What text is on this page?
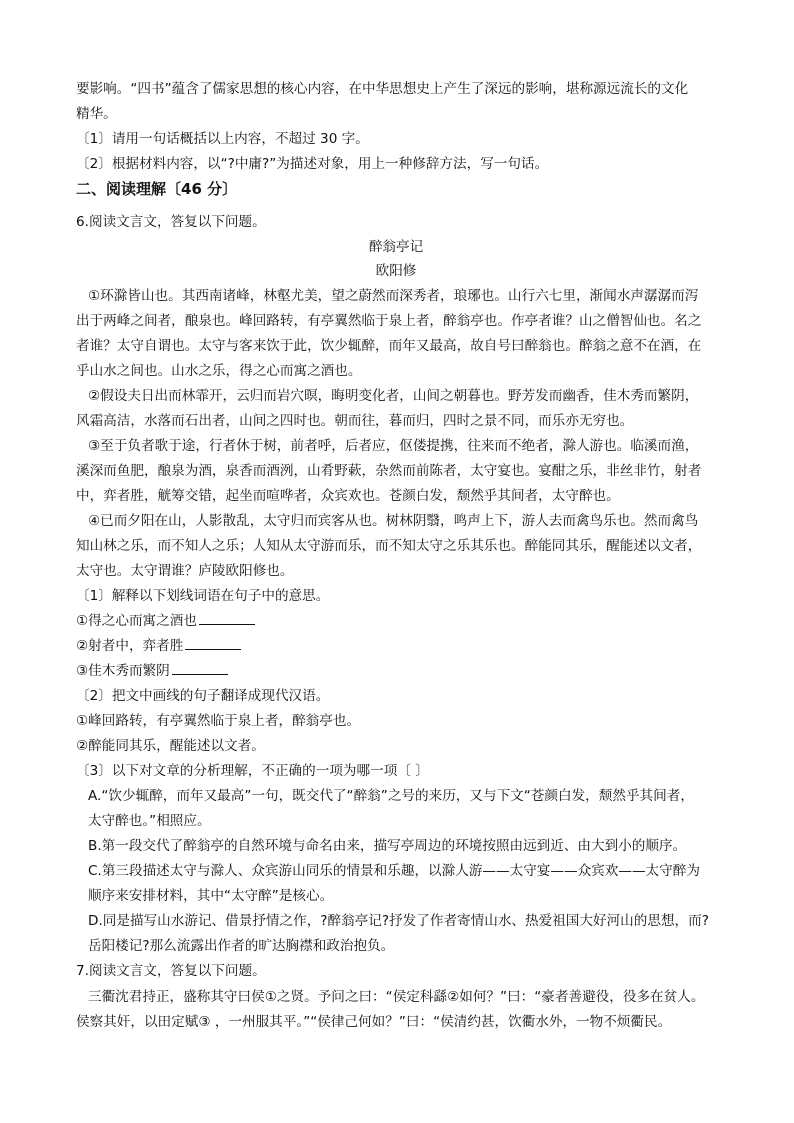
要影响。“四书”蕴含了儒家思想的核心内容，在中华思想史上产生了深远的影响，堪称源远流长的文化
精华。
〔1〕请用一句话概括以上内容，不超过 30 字。
〔2〕根据材料内容，以“?中庸?”为描述对象，用上一种修辞方法，写一句话。
二、阅读理解〔46 分〕
6.阅读文言文，答复以下问题。
醉翁亭记
欧阳修
①环滁皆山也。其西南诸峰，林壑尤美，望之蔚然而深秀者，琅琊也。山行六七里，渐闻水声潺潺而泻
出于两峰之间者，酿泉也。峰回路转，有亭翼然临于泉上者，醉翁亭也。作亭者谁？山之僧智仙也。名之
者谁？太守自谓也。太守与客来饮于此，饮少辄醉，而年又最高，故自号曰醉翁也。醉翁之意不在酒，在
乎山水之间也。山水之乐，得之心而寓之酒也。
②假设夫日出而林霏开，云归而岩穴暝，晦明变化者，山间之朝暮也。野芳发而幽香，佳木秀而繁阴，
风霜高洁，水落而石出者，山间之四时也。朝而往，暮而归，四时之景不同，而乐亦无穷也。
③至于负者歌于途，行者休于树，前者呼，后者应，伛偻提携，往来而不绝者，滁人游也。临溪而渔，
溪深而鱼肥，酿泉为酒，泉香而酒洌，山肴野蔌，杂然而前陈者，太守宴也。宴酣之乐，非丝非竹，射者
中，弈者胜，觥筹交错，起坐而喧哗者，众宾欢也。苍颜白发，颓然乎其间者，太守醉也。
④已而夕阳在山，人影散乱，太守归而宾客从也。树林阴翳，鸣声上下，游人去而禽鸟乐也。然而禽鸟
知山林之乐，而不知人之乐；人知从太守游而乐，而不知太守之乐其乐也。醉能同其乐，醒能述以文者，
太守也。太守谓谁？庐陵欧阳修也。
〔1〕解释以下划线词语在句子中的意思。
①得之心而寓之酒也
②射者中，弈者胜
③佳木秀而繁阴
〔2〕把文中画线的句子翻译成现代汉语。
①峰回路转，有亭翼然临于泉上者，醉翁亭也。
②醉能同其乐，醒能述以文者。
〔3〕以下对文章的分析理解，不正确的一项为哪一项〔 〕
A.“饮少辄醉，而年又最高”一句，既交代了“醉翁”之号的来历，又与下文“苍颜白发，颓然乎其间者，
太守醉也。”相照应。
B.第一段交代了醉翁亭的自然环境与命名由来，描写亭周边的环境按照由远到近、由大到小的顺序。
C.第三段描述太守与滁人、众宾游山同乐的情景和乐趣，以滁人游——太守宴——众宾欢——太守醉为
顺序来安排材料，其中“太守醉”是核心。
D.同是描写山水游记、借景抒情之作，?醉翁亭记?抒发了作者寄情山水、热爱祖国大好河山的思想，而?
岳阳楼记?那么流露出作者的旷达胸襟和政治抱负。
7.阅读文言文，答复以下问题。
三衢沈君持正，盛称其守曰侯①之贤。予问之曰：“侯定科繇②如何？”曰：“豪者善避役，役多在贫人。
侯察其奸，以田定赋③ ，一州服其平。”“侯律己何如？”曰：“侯清约甚，饮衢水外，一物不烦衢民。
